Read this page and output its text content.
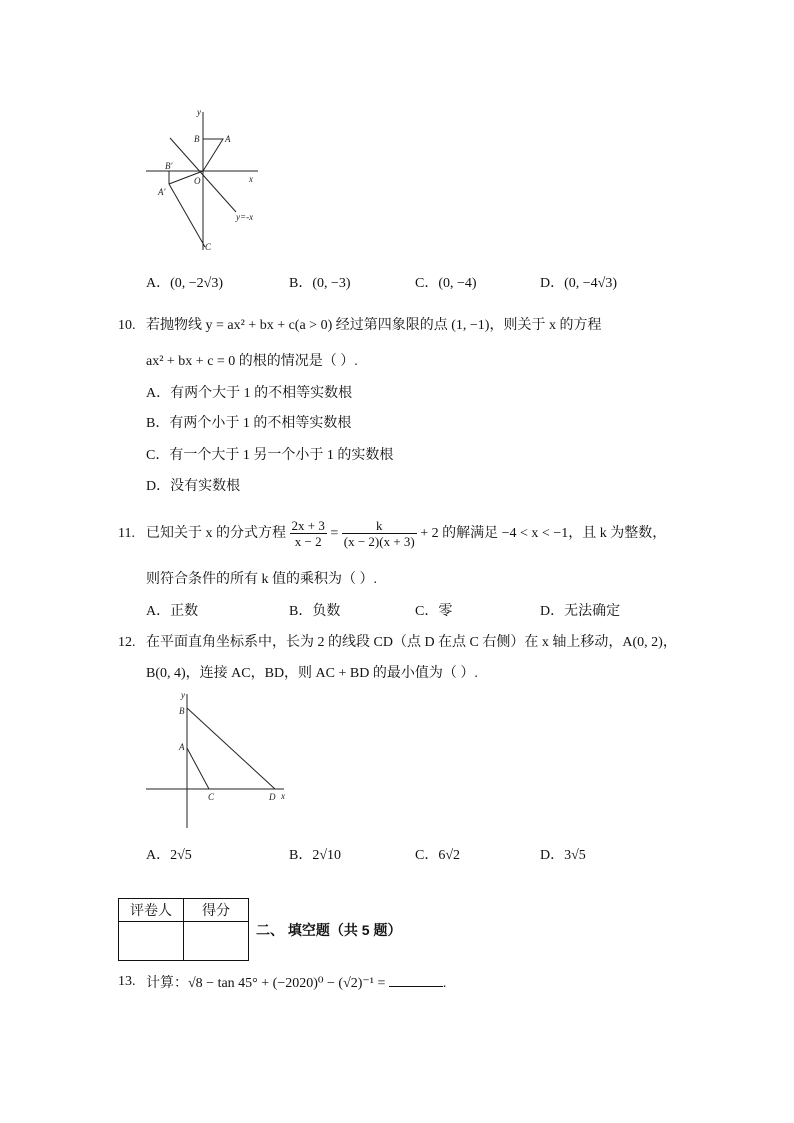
y
x
B	A
B'
O
A'
y=-x
C
A．(0, −2√3)	B．(0, −3)	C．(0, −4)	D．(0, −4√3)
10. 若抛物线 y = ax² + bx + c(a > 0) 经过第四象限的点 (1, −1)，则关于 x 的方程
ax² + bx + c = 0 的根的情况是（ ）.
A．有两个大于 1 的不相等实数根
B．有两个小于 1 的不相等实数根
C．有一个大于 1 另一个小于 1 的实数根
D．没有实数根
11. 已知关于 x 的分式方程 $\frac{2x + 3}{x - 2} = \frac{k}{(x - 2)(x + 3)} + 2$ 的解满足 −4 < x < −1，且 k 为整数，
则符合条件的所有 k 值的乘积为（ ）.
A．正数	B．负数	C．零	D．无法确定
12. 在平面直角坐标系中，长为 2 的线段 CD（点 D 在点 C 右侧）在 x 轴上移动，A(0, 2)，
B(0, 4)，连接 AC，BD，则 AC + BD 的最小值为（ ）.
y
B
A
C	D x
A．2√5	B．2√10	C．6√2	D．3√5
评卷人	得分

二、 填空题（共 5 题）
13. 计算：√8 − tan 45° + (−2020)⁰ − (√2)⁻¹ =	.
